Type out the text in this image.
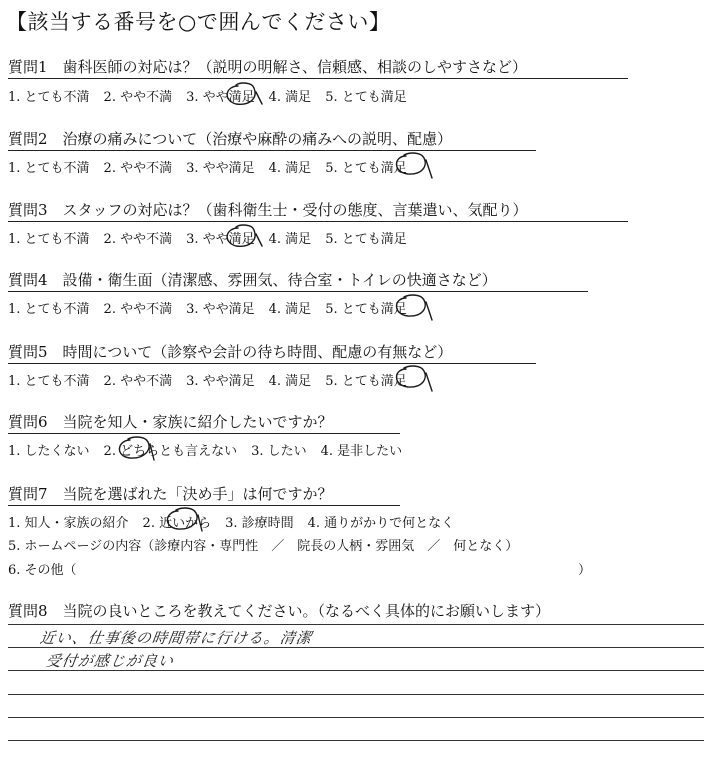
【該当する番号を○で囲んでください】
質問1　歯科医師の対応は？（説明の明解さ、信頼感、相談のしやすさなど）
1. とても不満 2. やや不満 3. やや満足 4. 満足 5. とても満足
質問2　治療の痛みについて（治療や麻酔の痛みへの説明、配慮）
1. とても不満 2. やや不満 3. やや満足 4. 満足 5. とても満足
質問3　スタッフの対応は？（歯科衛生士・受付の態度、言葉遣い、気配り）
1. とても不満 2. やや不満 3. やや満足 4. 満足 5. とても満足
質問4　設備・衛生面（清潔感、雰囲気、待合室・トイレの快適さなど）
1. とても不満 2. やや不満 3. やや満足 4. 満足 5. とても満足
質問5　時間について（診察や会計の待ち時間、配慮の有無など）
1. とても不満 2. やや不満 3. やや満足 4. 満足 5. とても満足
質問6　当院を知人・家族に紹介したいですか？
1. したくない 2. どちらとも言えない 3. したい 4. 是非したい
質問7　当院を選ばれた「決め手」は何ですか？
1. 知人・家族の紹介 2. 近いから 3. 診療時間 4. 通りがかりで何となく
5. ホームページの内容（診療内容・専門性　／　院長の人柄・雰囲気　／　何となく）
6. その他（	）
質問8　当院の良いところを教えてください。（なるべく具体的にお願いします）
近い、仕事後の時間帯に行ける。清潔
受付が感じが良い
